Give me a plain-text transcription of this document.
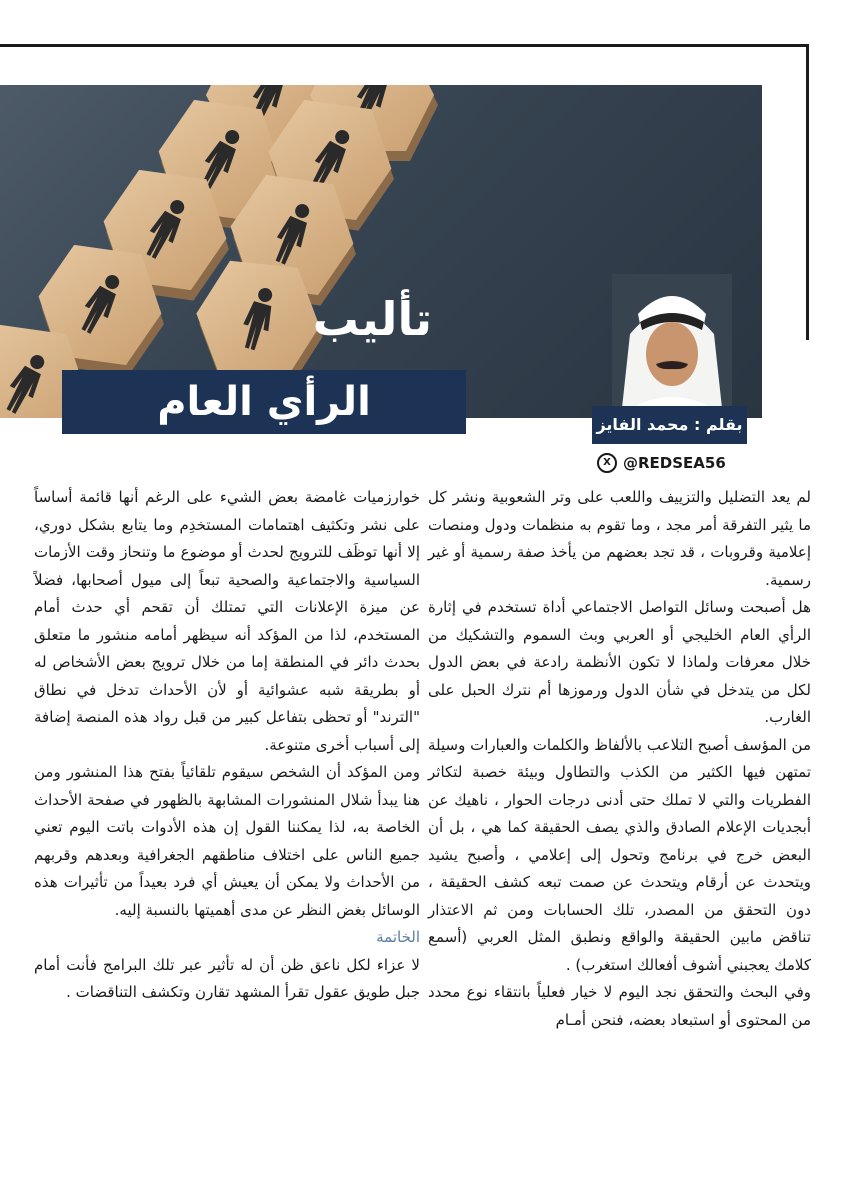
تأليب
الرأي العام	بقلم : محمد الفايز
X @REDSEA56

لم يعد التضليل والتزييف واللعب على وتر الشعوبية ونشر كل ما يثير التفرقة أمر مجد ، وما تقوم به منظمات ودول ومنصات إعلامية وقروبات ، قد تجد بعضهم من يأخذ صفة رسمية أو غير رسمية.

هل أصبحت وسائل التواصل الاجتماعي أداة تستخدم في إثارة الرأي العام الخليجي أو العربي وبث السموم والتشكيك من خلال معرفات ولماذا لا تكون الأنظمة رادعة في بعض الدول لكل من يتدخل في شأن الدول ورموزها أم نترك الحبل على الغارب.

من المؤسف أصبح التلاعب بالألفاظ والكلمات والعبارات وسيلة تمتهن فيها الكثير من الكذب والتطاول وبيئة خصبة لتكاثر الفطريات والتي لا تملك حتى أدنى درجات الحوار ، ناهيك عن أبجديات الإعلام الصادق والذي يصف الحقيقة كما هي ، بل أن البعض خرج في برنامج وتحول إلى إعلامي ، وأصبح يشيد ويتحدث عن أرقام ويتحدث عن صمت تبعه كشف الحقيقة ، دون التحقق من المصدر، تلك الحسابات ومن ثم الاعتذار تناقض مابين الحقيقة والواقع ونطبق المثل العربي (أسمع كلامك يعجبني أشوف أفعالك استغرب) .

وفي البحث والتحقق نجد اليوم لا خيار فعلياً بانتقاء نوع محدد من المحتوى أو استبعاد بعضه، فنحن أمـام

خوارزميات غامضة بعض الشيء على الرغم أنها قائمة أساساً على نشر وتكثيف اهتمامات المستخدِم وما يتابع بشكل دوري، إلا أنها توظَف للترويج لحدث أو موضوع ما وتنحاز وقت الأزمات السياسية والاجتماعية والصحية تبعاً إلى ميول أصحابها، فضلاً عن ميزة الإعلانات التي تمتلك أن تقحم أي حدث أمام المستخدم، لذا من المؤكد أنه سيظهر أمامه منشور ما متعلق بحدث دائر في المنطقة إما من خلال ترويج بعض الأشخاص له أو بطريقة شبه عشوائية أو لأن الأحداث تدخل في نطاق "الترند" أو تحظى بتفاعل كبير من قبل رواد هذه المنصة إضافة إلى أسباب أخرى متنوعة.

ومن المؤكد أن الشخص سيقوم تلقائياً بفتح هذا المنشور ومن هنا يبدأ شلال المنشورات المشابهة بالظهور في صفحة الأحداث الخاصة به، لذا يمكننا القول إن هذه الأدوات باتت اليوم تعني جميع الناس على اختلاف مناطقهم الجغرافية وبعدهم وقربهم من الأحداث ولا يمكن أن يعيش أي فرد بعيداً من تأثيرات هذه الوسائل بغض النظر عن مدى أهميتها بالنسبة إليه.

الخاتمة

لا عزاء لكل ناعق ظن أن له تأثير عبر تلك البرامج فأنت أمام جبل طويق عقول تقرأ المشهد تقارن وتكشف التناقضات .
